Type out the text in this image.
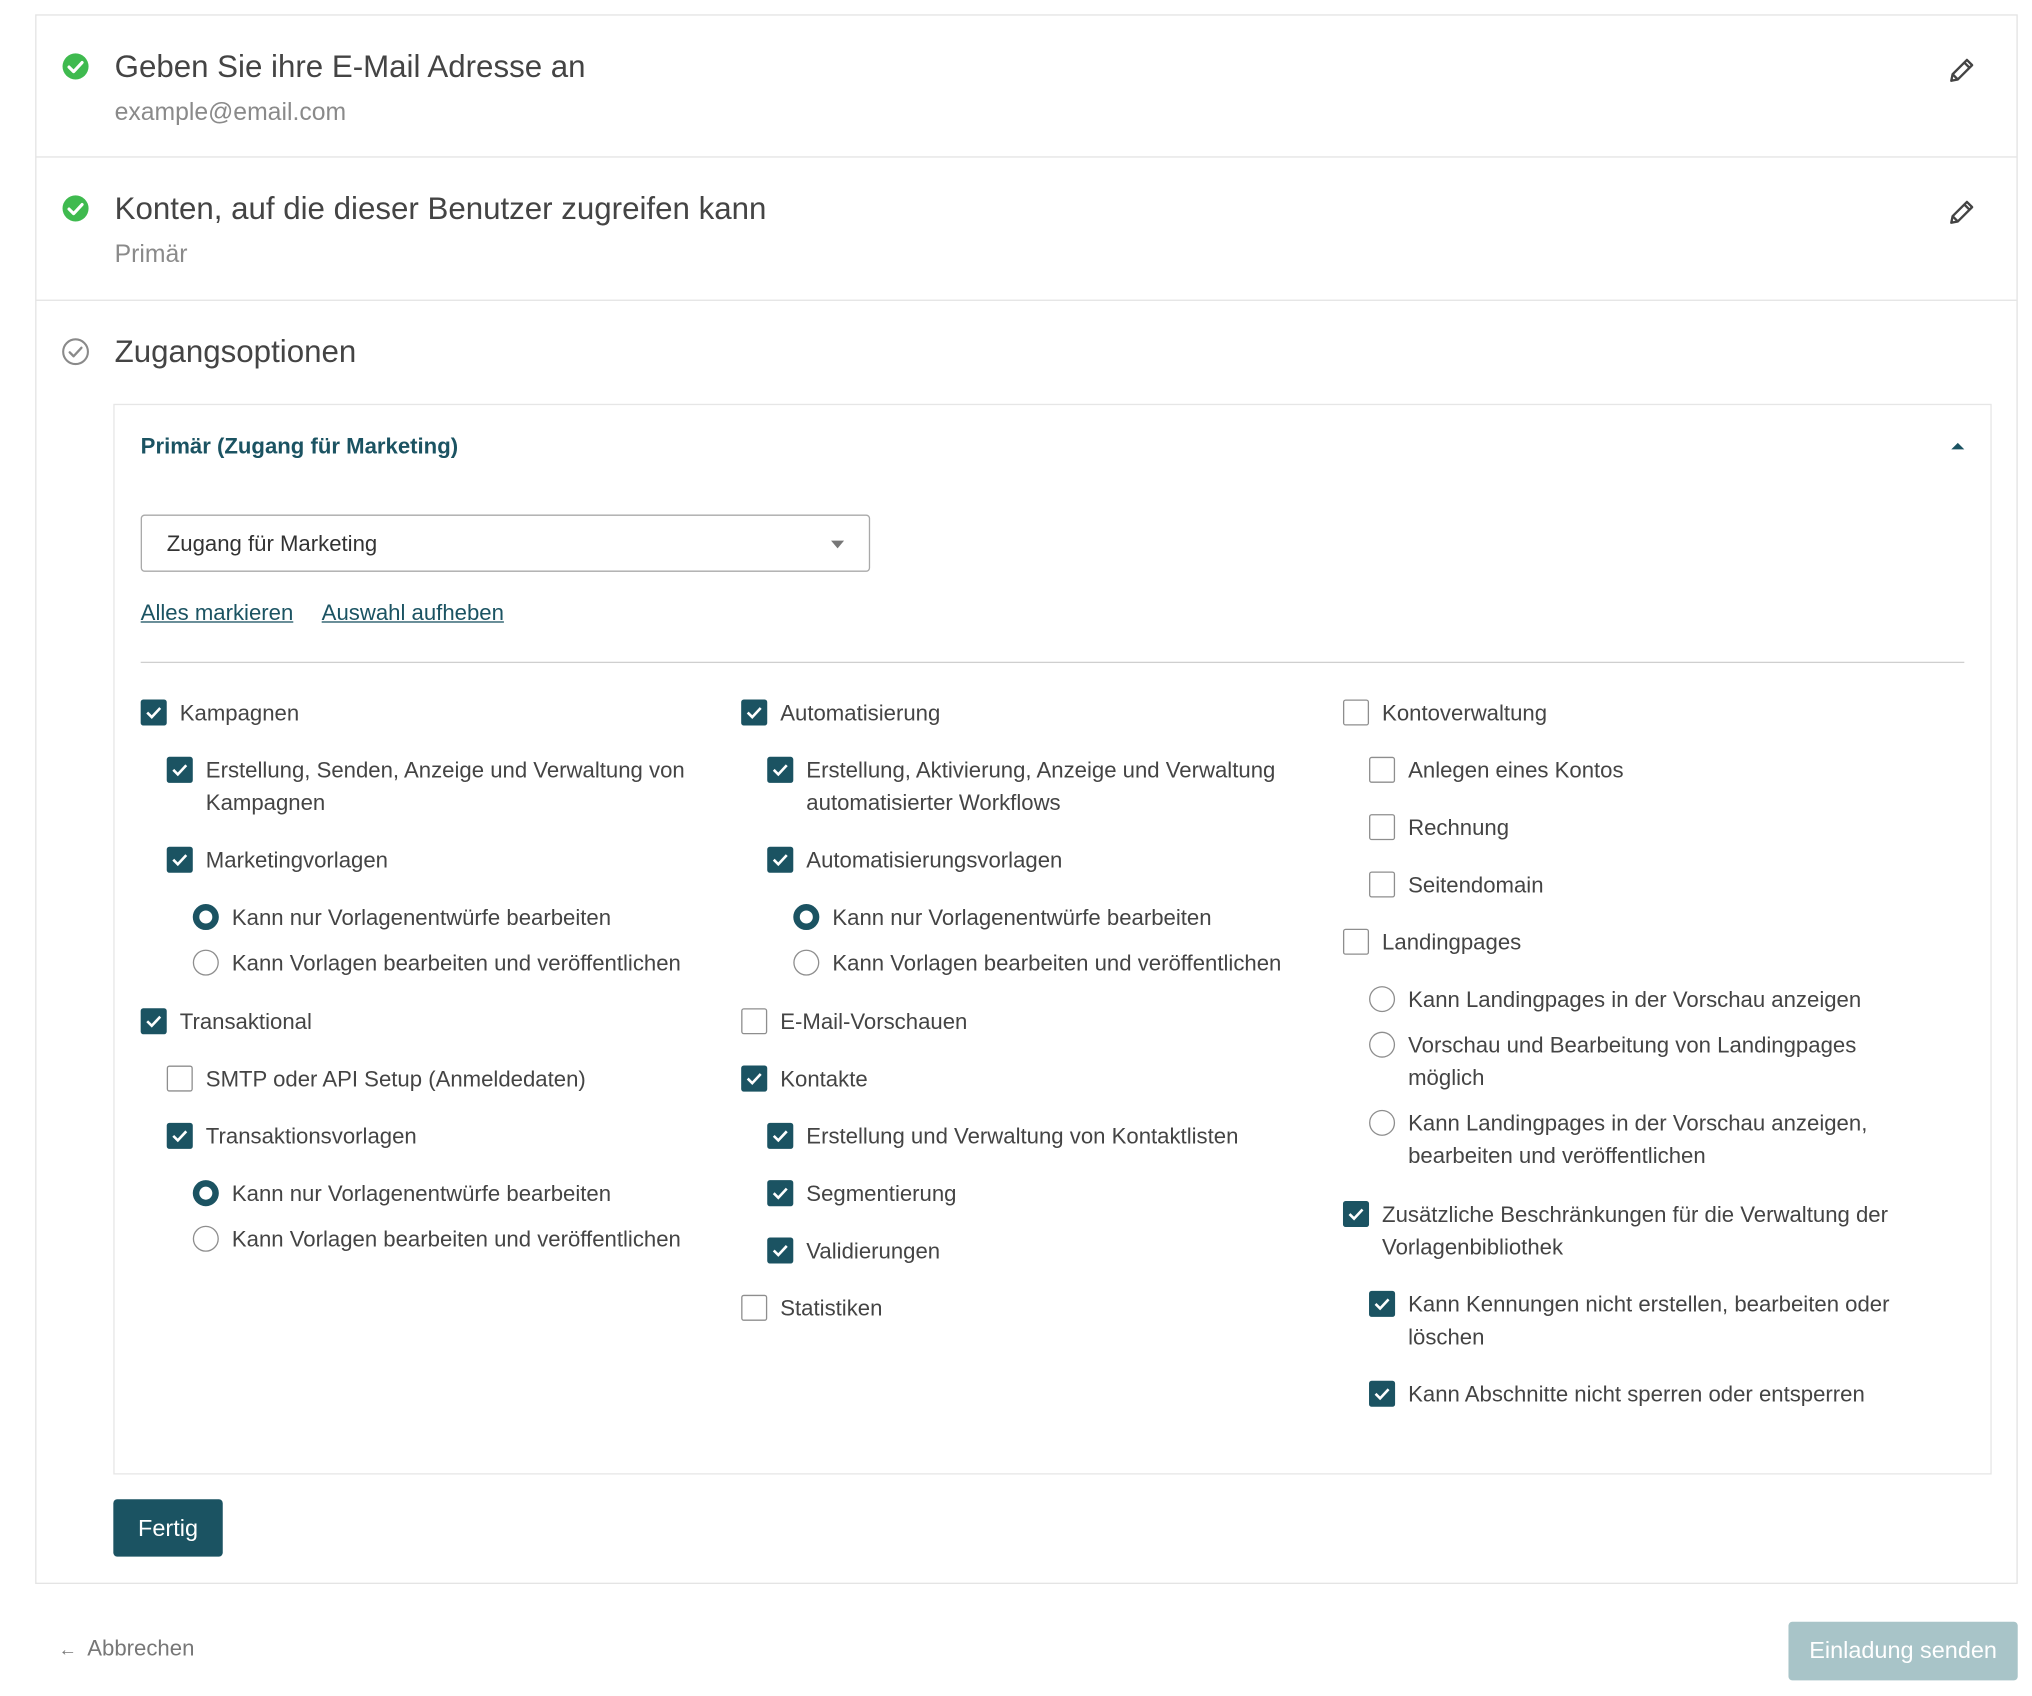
Geben Sie ihre E-Mail Adresse an
example@email.com
Konten, auf die dieser Benutzer zugreifen kann
Primär
Zugangsoptionen
Primär (Zugang für Marketing)
Zugang für Marketing
Alles markieren Auswahl aufheben
Kampagnen
Erstellung, Senden, Anzeige und Verwaltung von Kampagnen
Marketingvorlagen
Kann nur Vorlagenentwürfe bearbeiten
Kann Vorlagen bearbeiten und veröffentlichen
Transaktional
SMTP oder API Setup (Anmeldedaten)
Transaktionsvorlagen
Kann nur Vorlagenentwürfe bearbeiten
Kann Vorlagen bearbeiten und veröffentlichen
Automatisierung
Erstellung, Aktivierung, Anzeige und Verwaltung automatisierter Workflows
Automatisierungsvorlagen
Kann nur Vorlagenentwürfe bearbeiten
Kann Vorlagen bearbeiten und veröffentlichen
E-Mail-Vorschauen
Kontakte
Erstellung und Verwaltung von Kontaktlisten
Segmentierung
Validierungen
Statistiken
Kontoverwaltung
Anlegen eines Kontos
Rechnung
Seitendomain
Landingpages
Kann Landingpages in der Vorschau anzeigen
Vorschau und Bearbeitung von Landingpages möglich
Kann Landingpages in der Vorschau anzeigen, bearbeiten und veröffentlichen
Zusätzliche Beschränkungen für die Verwaltung der Vorlagenbibliothek
Kann Kennungen nicht erstellen, bearbeiten oder löschen
Kann Abschnitte nicht sperren oder entsperren
Fertig
← Abbrechen	Einladung senden
